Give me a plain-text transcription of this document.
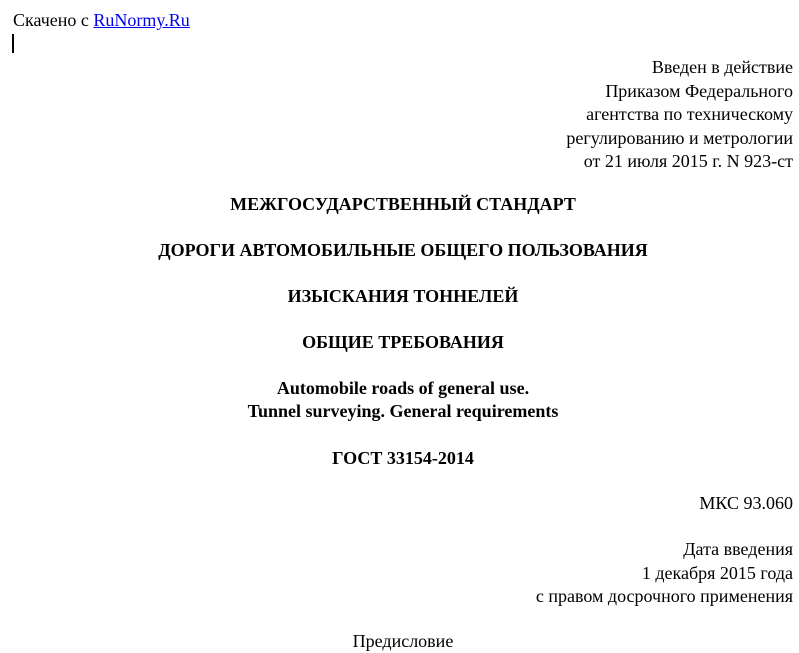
Скачено с RuNormy.Ru
Введен в действие
Приказом Федерального
агентства по техническому
регулированию и метрологии
от 21 июля 2015 г. N 923-ст
МЕЖГОСУДАРСТВЕННЫЙ СТАНДАРТ
ДОРОГИ АВТОМОБИЛЬНЫЕ ОБЩЕГО ПОЛЬЗОВАНИЯ
ИЗЫСКАНИЯ ТОННЕЛЕЙ
ОБЩИЕ ТРЕБОВАНИЯ
Automobile roads of general use.
Tunnel surveying. General requirements
ГОСТ 33154-2014
МКС 93.060
Дата введения
1 декабря 2015 года
с правом досрочного применения
Предисловие
